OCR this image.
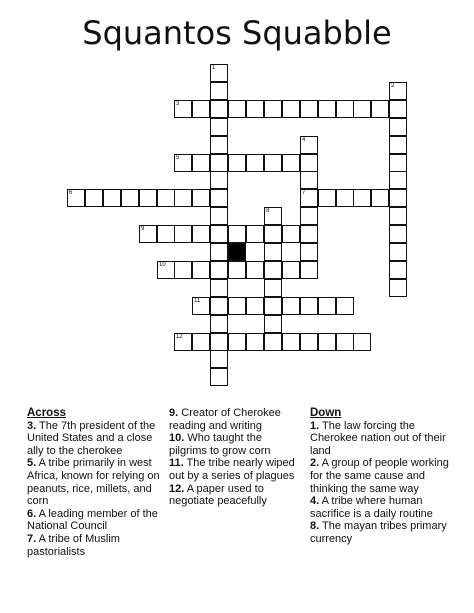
Squantos Squabble
1
2
3
4
5
6	7
8
9
10
11
12
Across

3. The 7th president of the United States and a close ally to the cherokee

5. A tribe primarily in west Africa, known for relying on peanuts, rice, millets, and corn

6. A leading member of the National Council

7. A tribe of Muslim pastorialists

9. Creator of Cherokee reading and writing

10. Who taught the pilgrims to grow corn

11. The tribe nearly wiped out by a series of plagues

12. A paper used to negotiate peacefully

Down

1. The law forcing the Cherokee nation out of their land

2. A group of people working for the same cause and thinking the same way

4. A tribe where human sacrifice is a daily routine

8. The mayan tribes primary currency
